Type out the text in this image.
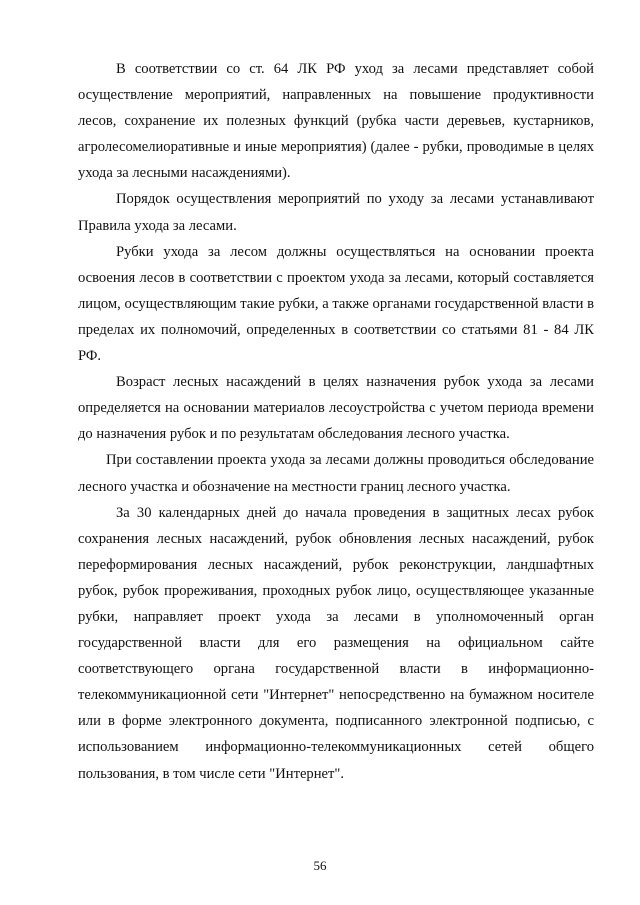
В соответствии со ст. 64 ЛК РФ уход за лесами представляет собой осуществление мероприятий, направленных на повышение продуктивности лесов, сохранение их полезных функций (рубка части деревьев, кустарников, агролесомелиоративные и иные мероприятия) (далее - рубки, проводимые в целях ухода за лесными насаждениями).

Порядок осуществления мероприятий по уходу за лесами устанавливают Правила ухода за лесами.

Рубки ухода за лесом должны осуществляться на основании проекта освоения лесов в соответствии с проектом ухода за лесами, который составляется лицом, осуществляющим такие рубки, а также органами государственной власти в пределах их полномочий, определенных в соответствии со статьями 81 - 84 ЛК РФ.

Возраст лесных насаждений в целях назначения рубок ухода за лесами определяется на основании материалов лесоустройства с учетом периода времени до назначения рубок и по результатам обследования лесного участка.

При составлении проекта ухода за лесами должны проводиться обследование лесного участка и обозначение на местности границ лесного участка.

За 30 календарных дней до начала проведения в защитных лесах рубок сохранения лесных насаждений, рубок обновления лесных насаждений, рубок переформирования лесных насаждений, рубок реконструкции, ландшафтных рубок, рубок прореживания, проходных рубок лицо, осуществляющее указанные рубки, направляет проект ухода за лесами в уполномоченный орган государственной власти для его размещения на официальном сайте соответствующего органа государственной власти в информационно-телекоммуникационной сети "Интернет" непосредственно на бумажном носителе или в форме электронного документа, подписанного электронной подписью, с использованием информационно-телекоммуникационных сетей общего пользования, в том числе сети "Интернет".

56
